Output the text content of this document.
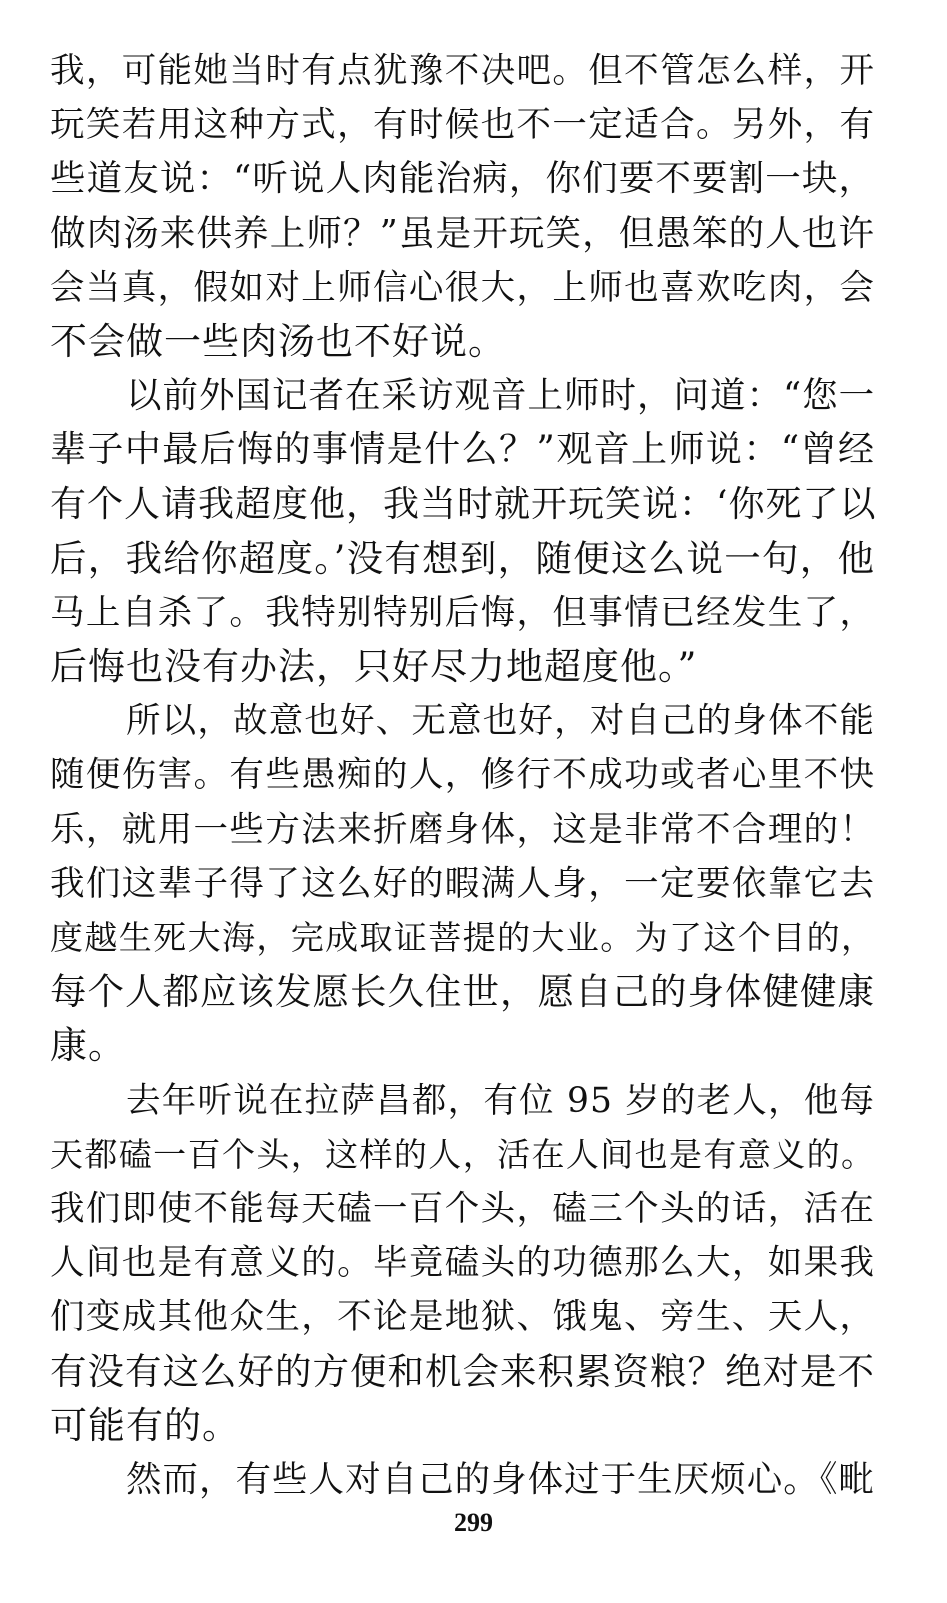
我，可能她当时有点犹豫不决吧。但不管怎么样，开
玩笑若用这种方式，有时候也不一定适合。另外，有
些道友说：“听说人肉能治病，你们要不要割一块，
做肉汤来供养上师？”虽是开玩笑，但愚笨的人也许
会当真，假如对上师信心很大，上师也喜欢吃肉，会
不会做一些肉汤也不好说。
以前外国记者在采访观音上师时，问道：“您一
辈子中最后悔的事情是什么？”观音上师说：“曾经
有个人请我超度他，我当时就开玩笑说：‘你死了以
后，我给你超度。’没有想到，随便这么说一句，他
马上自杀了。我特别特别后悔，但事情已经发生了，
后悔也没有办法，只好尽力地超度他。”
所以，故意也好、无意也好，对自己的身体不能
随便伤害。有些愚痴的人，修行不成功或者心里不快
乐，就用一些方法来折磨身体，这是非常不合理的！
我们这辈子得了这么好的暇满人身，一定要依靠它去
度越生死大海，完成取证菩提的大业。为了这个目的，
每个人都应该发愿长久住世，愿自己的身体健健康
康。
去年听说在拉萨昌都，有位 95 岁的老人，他每
天都磕一百个头，这样的人，活在人间也是有意义的。
我们即使不能每天磕一百个头，磕三个头的话，活在
人间也是有意义的。毕竟磕头的功德那么大，如果我
们变成其他众生，不论是地狱、饿鬼、旁生、天人，
有没有这么好的方便和机会来积累资粮？绝对是不
可能有的。
然而，有些人对自己的身体过于生厌烦心。《毗
299
